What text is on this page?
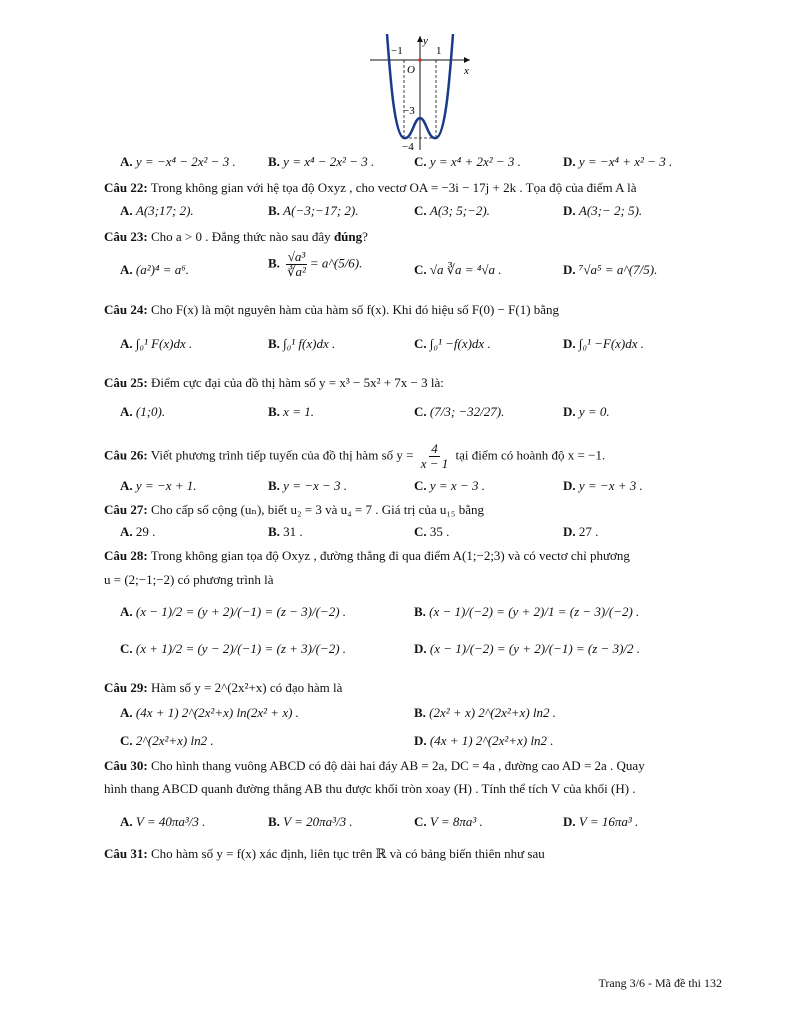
y
x
O
−1	1
−3
−4
A. y = −x⁴ − 2x² − 3 . B. y = x⁴ − 2x² − 3 .	C. y = x⁴ + 2x² − 3 .	D. y = −x⁴ + x² − 3 .
Câu 22: Trong không gian với hệ tọa độ Oxyz , cho vectơ OA = −3i − 17j + 2k . Tọa độ của điểm A là
A. A(3;17; 2).	B. A(−3;−17; 2).	C. A(3; 5;−2).	D. A(3;− 2; 5).
Câu 23: Cho a > 0 . Đẳng thức nào sau đây đúng?
A. (a²)⁴ = a⁶.	B. $\frac{\text{√a³}}{\text{∛a²}}$ = a^(5/6).	C. √a ∛a = ⁴√a .	D. ⁷√a⁵ = a^(7/5).
Câu 24: Cho F(x) là một nguyên hàm của hàm số f(x). Khi đó hiệu số F(0) − F(1) bằng
A. ∫₀¹ F(x)dx .	B. ∫₀¹ f(x)dx .	C. ∫₀¹ −f(x)dx .	D. ∫₀¹ −F(x)dx .
Câu 25: Điểm cực đại của đồ thị hàm số y = x³ − 5x² + 7x − 3 là:
A. (1;0).	B. x = 1.	C. (7/3; −32/27).	D. y = 0.
Câu 26: Viết phương trình tiếp tuyến của đồ thị hàm số $y = \frac{4}{x - 1}$ tại điểm có hoành độ x = −1.
A. y = −x + 1.	B. y = −x − 3 .	C. y = x − 3 .	D. y = −x + 3 .
Câu 27: Cho cấp số cộng (uₙ), biết u₂ = 3 và u₄ = 7 . Giá trị của u₁₅ bằng
A. 29 .	B. 31 .	C. 35 .	D. 27 .
Câu 28: Trong không gian tọa độ Oxyz , đường thẳng đi qua điểm A(1;−2;3) và có vectơ chỉ phương
u = (2;−1;−2) có phương trình là
A. (x − 1)/2 = (y + 2)/(−1) = (z − 3)/(−2) .	B. (x − 1)/(−2) = (y + 2)/1 = (z − 3)/(−2) .
C. (x + 1)/2 = (y − 2)/(−1) = (z + 3)/(−2) .	D. (x − 1)/(−2) = (y + 2)/(−1) = (z − 3)/2 .
Câu 29: Hàm số y = 2^(2x²+x) có đạo hàm là
A. (4x + 1) 2^(2x²+x) ln(2x² + x) .	B. (2x² + x) 2^(2x²+x) ln2 .
C. 2^(2x²+x) ln2 .	D. (4x + 1) 2^(2x²+x) ln2 .
Câu 30: Cho hình thang vuông ABCD có độ dài hai đáy AB = 2a, DC = 4a , đường cao AD = 2a . Quay
hình thang ABCD quanh đường thẳng AB thu được khối tròn xoay (H) . Tính thể tích V của khối (H) .
A. V = 40πa³/3 .	B. V = 20πa³/3 .	C. V = 8πa³ .	D. V = 16πa³ .
Câu 31: Cho hàm số y = f(x) xác định, liên tục trên ℝ và có bảng biến thiên như sau
Trang 3/6 - Mã đề thi 132
